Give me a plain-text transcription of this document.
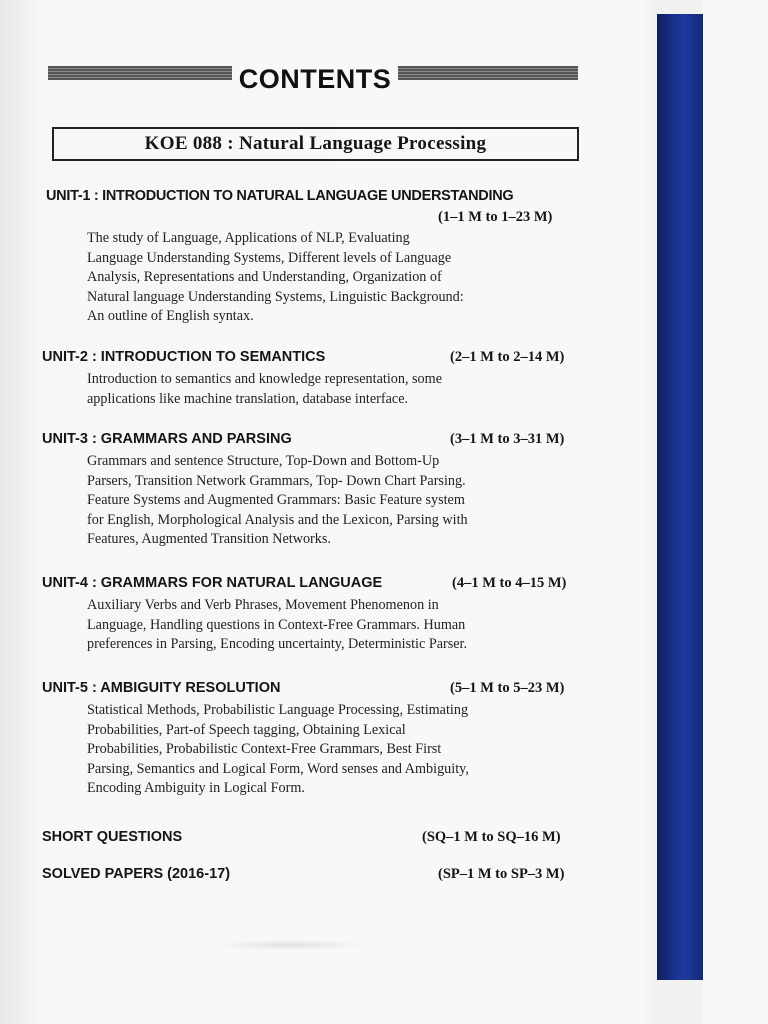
CONTENTS
KOE 088 : Natural Language Processing
UNIT-1 : INTRODUCTION TO NATURAL LANGUAGE UNDERSTANDING
(1–1 M to 1–23 M)
The study of Language, Applications of NLP, Evaluating
Language Understanding Systems, Different levels of Language
Analysis, Representations and Understanding, Organization of
Natural language Understanding Systems, Linguistic Background:
An outline of English syntax.
UNIT-2 : INTRODUCTION TO SEMANTICS	(2–1 M to 2–14 M)
Introduction to semantics and knowledge representation, some
applications like machine translation, database interface.
UNIT-3 : GRAMMARS AND PARSING	(3–1 M to 3–31 M)
Grammars and sentence Structure, Top-Down and Bottom-Up
Parsers, Transition Network Grammars, Top- Down Chart Parsing.
Feature Systems and Augmented Grammars: Basic Feature system
for English, Morphological Analysis and the Lexicon, Parsing with
Features, Augmented Transition Networks.
UNIT-4 : GRAMMARS FOR NATURAL LANGUAGE	(4–1 M to 4–15 M)
Auxiliary Verbs and Verb Phrases, Movement Phenomenon in
Language, Handling questions in Context-Free Grammars. Human
preferences in Parsing, Encoding uncertainty, Deterministic Parser.
UNIT-5 : AMBIGUITY RESOLUTION	(5–1 M to 5–23 M)
Statistical Methods, Probabilistic Language Processing, Estimating
Probabilities, Part-of Speech tagging, Obtaining Lexical
Probabilities, Probabilistic Context-Free Grammars, Best First
Parsing, Semantics and Logical Form, Word senses and Ambiguity,
Encoding Ambiguity in Logical Form.
SHORT QUESTIONS	(SQ–1 M to SQ–16 M)
SOLVED PAPERS (2016-17)	(SP–1 M to SP–3 M)
